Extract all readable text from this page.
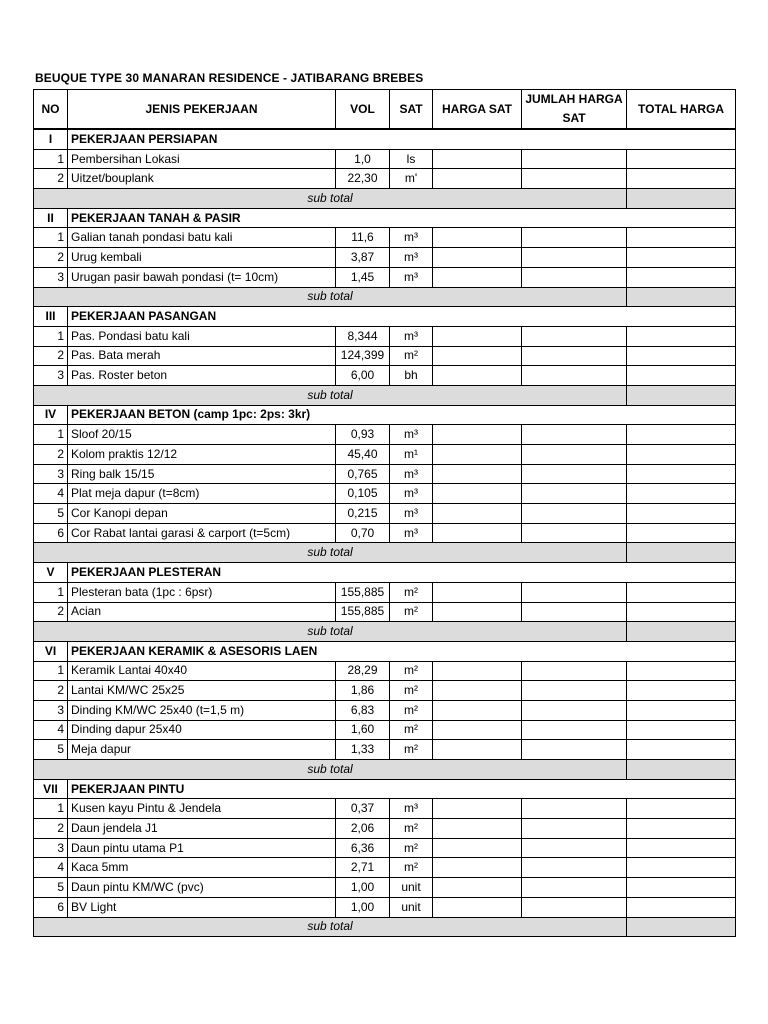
BEUQUE TYPE 30 MANARAN RESIDENCE - JATIBARANG BREBES
NO	JENIS PEKERJAAN	VOL	SAT	HARGA SAT	JUMLAH HARGA SAT	TOTAL HARGA
I	PEKERJAAN PERSIAPAN					
1	Pembersihan Lokasi	1,0	ls			
2	Uitzet/bouplank	22,30	m'			
sub total						
II	PEKERJAAN TANAH & PASIR					
1	Galian tanah pondasi batu kali	11,6	m³			
2	Urug kembali	3,87	m³			
3	Urugan pasir bawah pondasi (t= 10cm)	1,45	m³			
sub total						
III	PEKERJAAN PASANGAN					
1	Pas. Pondasi batu kali	8,344	m³			
2	Pas. Bata merah	124,399	m²			
3	Pas. Roster beton	6,00	bh			
sub total						
IV	PEKERJAAN BETON (camp 1pc: 2ps: 3kr)					
1	Sloof 20/15	0,93	m³			
2	Kolom praktis 12/12	45,40	m¹			
3	Ring balk 15/15	0,765	m³			
4	Plat meja dapur (t=8cm)	0,105	m³			
5	Cor Kanopi depan	0,215	m³			
6	Cor Rabat lantai garasi & carport (t=5cm)	0,70	m³			
sub total						
V	PEKERJAAN PLESTERAN					
1	Plesteran bata (1pc : 6psr)	155,885	m²			
2	Acian	155,885	m²			
sub total						
VI	PEKERJAAN KERAMIK & ASESORIS LAEN					
1	Keramik Lantai 40x40	28,29	m²			
2	Lantai KM/WC 25x25	1,86	m²			
3	Dinding KM/WC 25x40 (t=1,5 m)	6,83	m²			
4	Dinding dapur 25x40	1,60	m²			
5	Meja dapur	1,33	m²			
sub total						
VII	PEKERJAAN PINTU					
1	Kusen kayu Pintu & Jendela	0,37	m³			
2	Daun jendela J1	2,06	m²			
3	Daun pintu utama P1	6,36	m²			
4	Kaca 5mm	2,71	m²			
5	Daun pintu KM/WC (pvc)	1,00	unit			
6	BV Light	1,00	unit			
sub total						
